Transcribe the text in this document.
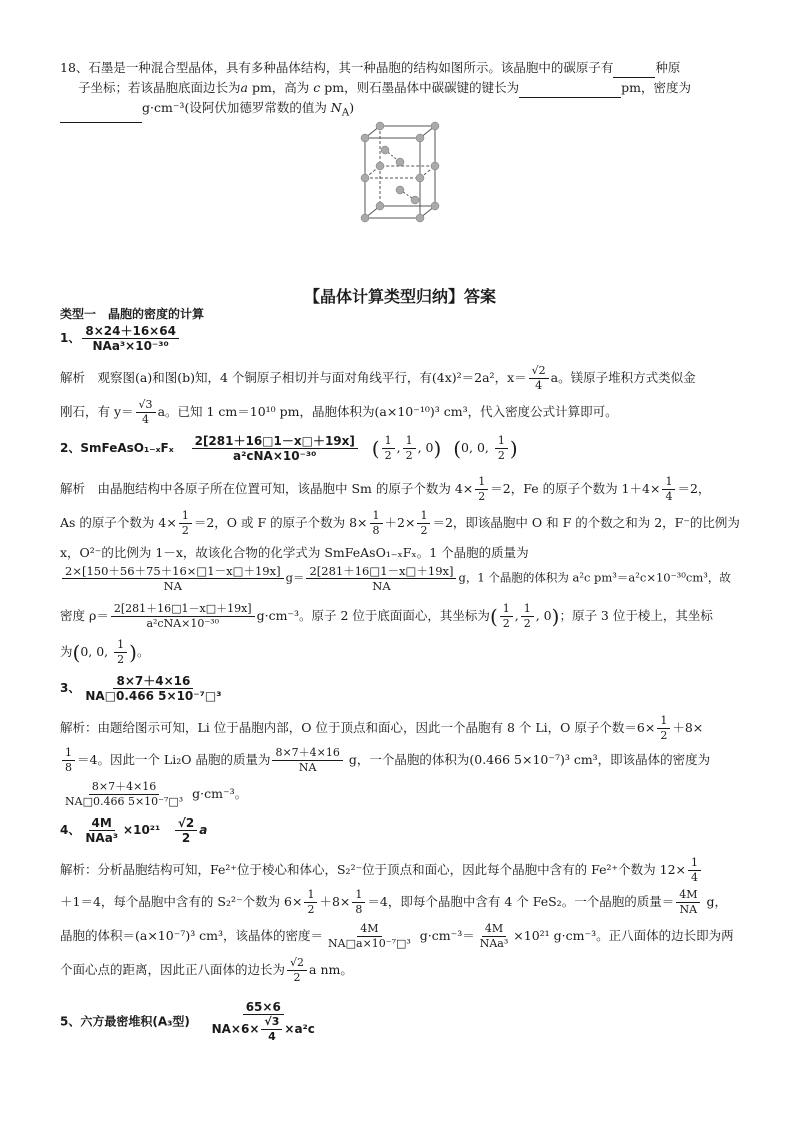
18、石墨是一种混合型晶体，具有多种晶体结构，其一种晶胞的结构如图所示。该晶胞中的碳原子有	种原
子坐标；若该晶胞底面边长为a pm，高为 c pm，则石墨晶体中碳碳键的键长为	pm，密度为
g·cm⁻³(设阿伏加德罗常数的值为 $N_A$)
【晶体计算类型归纳】答案
类型一　晶胞的密度的计算
1、 $\frac{8\times 24+16\times 64}{\text{NAa³×10⁻³⁰}}$
解析　观察图(a)和图(b)知，4 个铜原子相切并与面对角线平行，有(4x)²＝2a²，$x= \frac{√2}{4}$ a。镁原子堆积方式类似金
刚石，有 $y= \frac{√3}{4}$ a。已知 1 cm＝10¹⁰ pm，晶胞体积为(a×10⁻¹⁰)³ cm³，代入密度公式计算即可。
2、SmFeAsO₁₋ₓFₓ $\frac{2[281+16□1-x□+19x]}{\text{a²cNA×10⁻³⁰}}$ ( $\frac{1}{2}$ , $\frac{1}{2}$ , 0) (0, 0, $\frac{1}{2}$ )
解析　由晶胞结构中各原子所在位置可知，该晶胞中 Sm 的原子个数为 $4\times \frac{1}{2} =2$，Fe 的原子个数为 $1+4\times \frac{1}{4} =2$，
As 的原子个数为 $4\times \frac{1}{2} =2$，O 或 F 的原子个数为 $8\times \frac{1}{8} +2\times \frac{1}{2} =2$，即该晶胞中 O 和 F 的个数之和为 2，F⁻的比例为
x，O²⁻的比例为 1－x，故该化合物的化学式为 SmFeAsO₁₋ₓFₓ。1 个晶胞的质量为
$\frac{2\times[150+56+75+16\times□1-x□+19x]}{NA} g= \frac{2[281+16□1-x□+19x]}{NA}$ g，1 个晶胞的体积为 a²c pm³＝a²c×10⁻³⁰cm³，故
密度 $\rho= \frac{2[281+16□1-x□+19x]}{\text{a²cNA×10⁻³⁰}} g\cdot cm^{-3}$。原子 2 位于底面面心，其坐标为( $\frac{1}{2}$ , $\frac{1}{2}$ , 0)；原子 3 位于棱上，其坐标
为(0, 0, $\frac{1}{2}$ )。
3、 $\frac{8\times 7+4\times 16}{\text{NA□0.466 5×10⁻⁷□³}}$
解析：由题给图示可知，Li 位于晶胞内部，O 位于顶点和面心，因此一个晶胞有 8 个 Li，O 原子个数$=6\times \frac{1}{2} +8\times$
$\frac{1}{8} =4$。因此一个 Li₂O 晶胞的质量为 $\frac{8\times 7+4\times 16}{NA}$ g，一个晶胞的体积为(0.466 5×10⁻⁷)³ cm³，即该晶体的密度为
$\frac{8\times 7+4\times 16}{\text{NA□0.466 5×10⁻⁷□³}} g\cdot cm^{-3}$。
4、 $\frac{4M}{\text{NAa³}} \times 10^{21} \frac{√2}{2}$ a
解析：分析晶胞结构可知，Fe²⁺位于棱心和体心，S₂²⁻位于顶点和面心，因此每个晶胞中含有的 Fe²⁺个数为 $12\times \frac{1}{4}$
＋1＝4，每个晶胞中含有的 S₂²⁻个数为 $6\times \frac{1}{2} +8\times \frac{1}{8} =4$，即每个晶胞中含有 4 个 FeS₂。一个晶胞的质量＝ $\frac{4M}{NA}$ g，
晶胞的体积＝(a×10⁻⁷)³ cm³，该晶体的密度＝ $\frac{4M}{\text{NA□a×10⁻⁷□³}} g\cdot cm^{-3}= \frac{4M}{\text{NAa³}} \times 10^{21}$ g·cm⁻³。正八面体的边长即为两
个面心点的距离，因此正八面体的边长为 $\frac{√2}{2}$ a nm。
5、六方最密堆积(A₃型) $\frac{65\times 6}{NA\times 6\times \frac{√3}{4} \times a^2c}$
